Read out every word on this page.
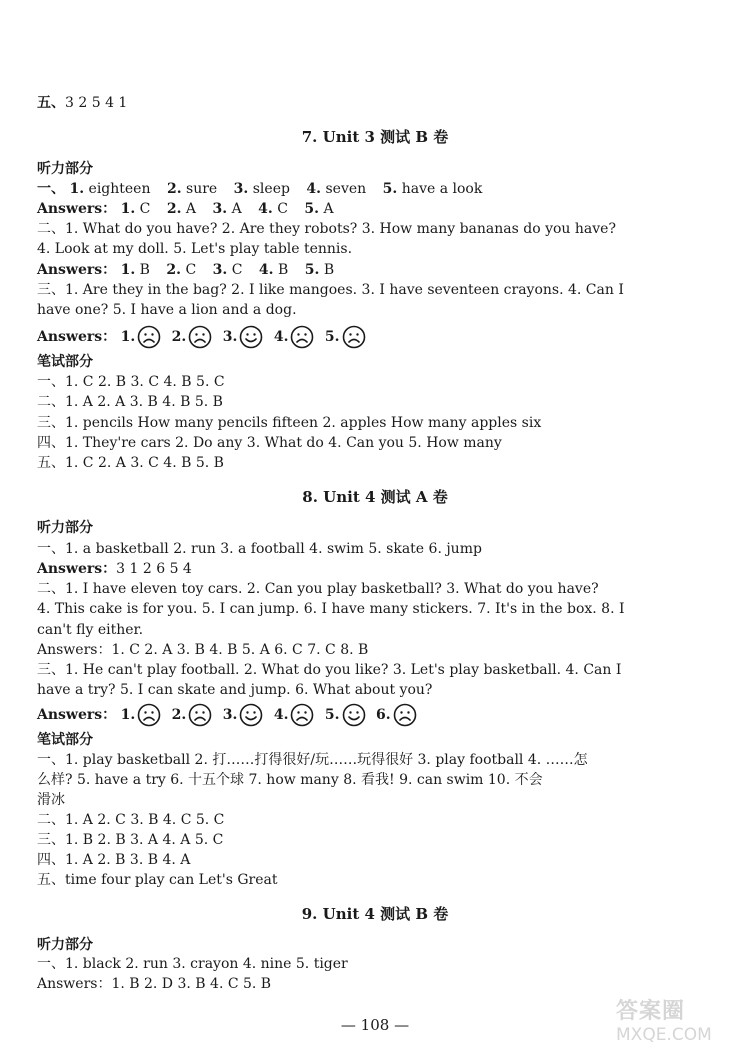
五、3 2 5 4 1
7. Unit 3 测试 B 卷
听力部分
一、 1. eighteen 2. sure 3. sleep 4. seven 5. have a look
Answers： 1. C 2. A 3. A 4. C 5. A
二、1. What do you have? 2. Are they robots? 3. How many bananas do you have?
4. Look at my doll. 5. Let's play table tennis.
Answers： 1. B 2. C 3. C 4. B 5. B
三、1. Are they in the bag? 2. I like mangoes. 3. I have seventeen crayons. 4. Can I
have one? 5. I have a lion and a dog.
Answers： 1.	2.	3.	4.	5.
笔试部分
一、1. C 2. B 3. C 4. B 5. C
二、1. A 2. A 3. B 4. B 5. B
三、1. pencils How many pencils fifteen 2. apples How many apples six
四、1. They're cars 2. Do any 3. What do 4. Can you 5. How many
五、1. C 2. A 3. C 4. B 5. B
8. Unit 4 测试 A 卷
听力部分
一、1. a basketball 2. run 3. a football 4. swim 5. skate 6. jump
Answers：3 1 2 6 5 4
二、1. I have eleven toy cars. 2. Can you play basketball? 3. What do you have?
4. This cake is for you. 5. I can jump. 6. I have many stickers. 7. It's in the box. 8. I
can't fly either.
Answers：1. C 2. A 3. B 4. B 5. A 6. C 7. C 8. B
三、1. He can't play football. 2. What do you like? 3. Let's play basketball. 4. Can I
have a try? 5. I can skate and jump. 6. What about you?
Answers： 1.	2.	3.	4.	5.	6.
笔试部分
一、1. play basketball 2. 打……打得很好/玩……玩得很好 3. play football 4. ……怎
么样? 5. have a try 6. 十五个球 7. how many 8. 看我! 9. can swim 10. 不会
滑冰
二、1. A 2. C 3. B 4. C 5. C
三、1. B 2. B 3. A 4. A 5. C
四、1. A 2. B 3. B 4. A
五、time four play can Let's Great
9. Unit 4 测试 B 卷
听力部分
一、1. black 2. run 3. crayon 4. nine 5. tiger
Answers：1. B 2. D 3. B 4. C 5. B
— 108 —
答案圈
MXQE.COM
